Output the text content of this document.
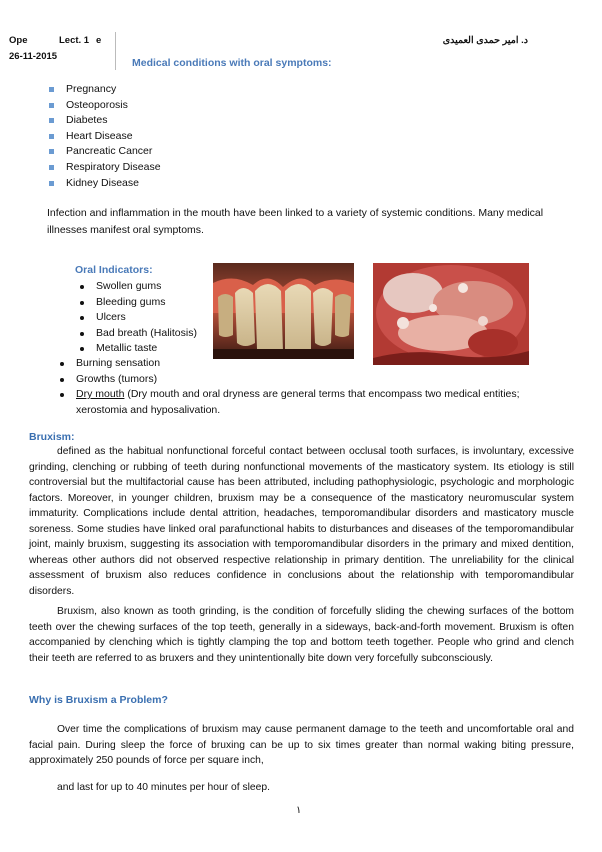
Ope	Lect. 1 e
26-11-2015
د. امير حمدى العميدى
Medical conditions with oral symptoms:
Pregnancy
Osteoporosis
Diabetes
Heart Disease
Pancreatic Cancer
Respiratory Disease
Kidney Disease
Infection and inflammation in the mouth have been linked to a variety of systemic conditions. Many medical illnesses manifest oral symptoms.
Oral Indicators:
Swollen gums
Bleeding gums
Ulcers
Bad breath (Halitosis)
Metallic taste
Burning sensation
Growths (tumors)
Dry mouth (Dry mouth and oral dryness are general terms that encompass two medical entities; xerostomia and hyposalivation.
Bruxism:
defined as the habitual nonfunctional forceful contact between occlusal tooth surfaces, is involuntary, excessive grinding, clenching or rubbing of teeth during nonfunctional movements of the masticatory system. Its etiology is still controversial but the multifactorial cause has been attributed, including pathophysiologic, psychologic and morphologic factors. Moreover, in younger children, bruxism may be a consequence of the masticatory neuromuscular system immaturity. Complications include dental attrition, headaches, temporomandibular disorders and masticatory muscle soreness. Some studies have linked oral parafunctional habits to disturbances and diseases of the temporomandibular joint, mainly bruxism, suggesting its association with temporomandibular disorders in the primary and mixed dentition, whereas other authors did not observed respective relationship in primary dentition. The unreliability for the clinical assessment of bruxism also reduces confidence in conclusions about the relationship with temporomandibular disorders.
Bruxism, also known as tooth grinding, is the condition of forcefully sliding the chewing surfaces of the bottom teeth over the chewing surfaces of the top teeth, generally in a sideways, back-and-forth movement. Bruxism is often accompanied by clenching which is tightly clamping the top and bottom teeth together. People who grind and clench their teeth are referred to as bruxers and they unintentionally bite down very forcefully subconsciously.
Why is Bruxism a Problem?
Over time the complications of bruxism may cause permanent damage to the teeth and uncomfortable oral and facial pain. During sleep the force of bruxing can be up to six times greater than normal waking biting pressure, approximately 250 pounds of force per square inch,
and last for up to 40 minutes per hour of sleep.
١
